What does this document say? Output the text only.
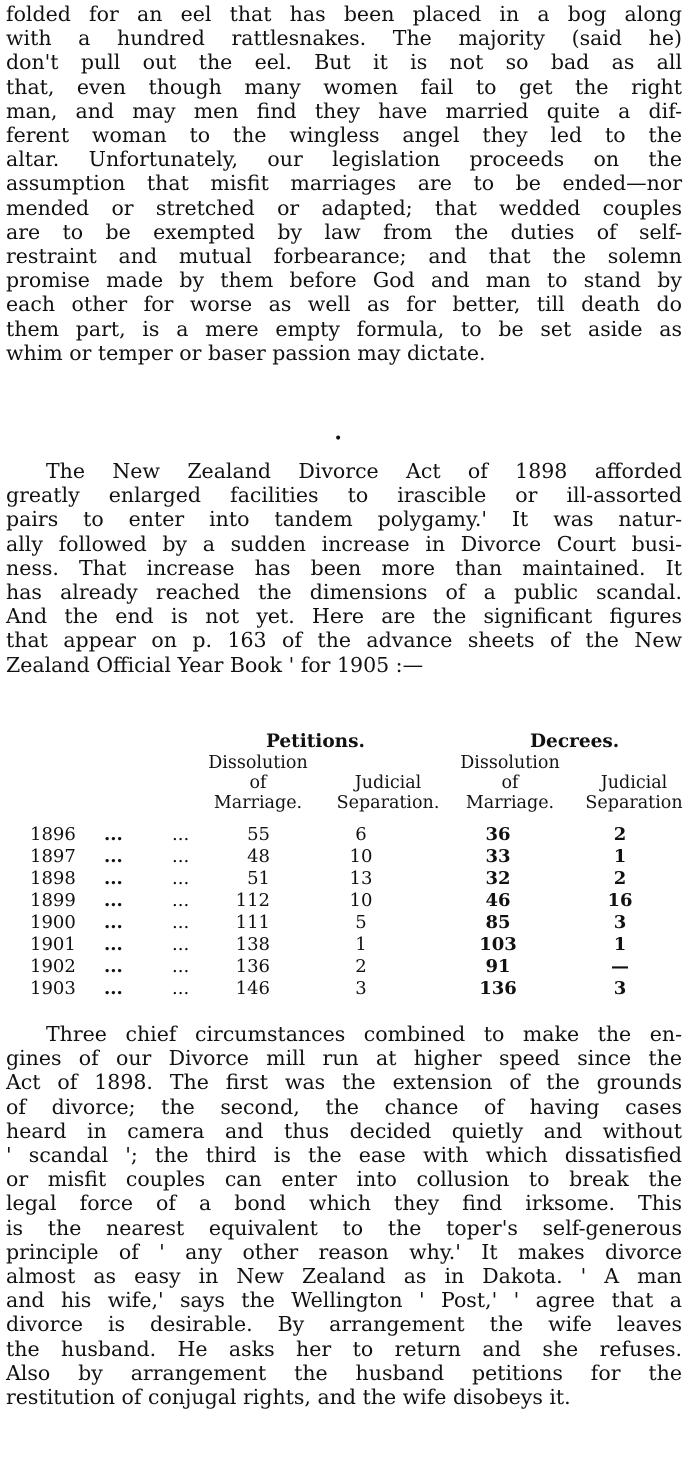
folded for an eel that has been placed in a bog along
with a hundred rattlesnakes. The majority (said he)
don't pull out the eel. But it is not so bad as all
that, even though many women fail to get the right
man, and may men find they have married quite a dif-
ferent woman to the wingless angel they led to the
altar. Unfortunately, our legislation proceeds on the
assumption that misfit marriages are to be ended—nor
mended or stretched or adapted; that wedded couples
are to be exempted by law from the duties of self-
restraint and mutual forbearance; and that the solemn
promise made by them before God and man to stand by
each other for worse as well as for better, till death do
them part, is a mere empty formula, to be set aside as
whim or temper or baser passion may dictate.
•
The New Zealand Divorce Act of 1898 afforded
greatly enlarged facilities to irascible or ill-assorted
pairs to enter into tandem polygamy.' It was natur-
ally followed by a sudden increase in Divorce Court busi-
ness. That increase has been more than maintained. It
has already reached the dimensions of a public scandal.
And the end is not yet. Here are the significant figures
that appear on p. 163 of the advance sheets of the New
Zealand Official Year Book ' for 1905 :—
Petitions.	Decrees.
Dissolution
of
Marriage.
Judicial
Separation.
Dissolution
of
Marriage.
Judicial
Separation
1896 ...	...	55	6	36	2
1897 ...	...	48	10	33	1
1898 ...	...	51	13	32	2
1899 ...	...	112	10	46	16
1900 ...	...	111	5	85	3
1901 ...	...	138	1	103	1
1902 ...	...	136	2	91	—
1903 ...	...	146	3	136	3
Three chief circumstances combined to make the en-
gines of our Divorce mill run at higher speed since the
Act of 1898. The first was the extension of the grounds
of divorce; the second, the chance of having cases
heard in camera and thus decided quietly and without
' scandal '; the third is the ease with which dissatisfied
or misfit couples can enter into collusion to break the
legal force of a bond which they find irksome. This
is the nearest equivalent to the toper's self-generous
principle of ' any other reason why.' It makes divorce
almost as easy in New Zealand as in Dakota. ' A man
and his wife,' says the Wellington ' Post,' ' agree that a
divorce is desirable. By arrangement the wife leaves
the husband. He asks her to return and she refuses.
Also by arrangement the husband petitions for the
restitution of conjugal rights, and the wife disobeys it.
